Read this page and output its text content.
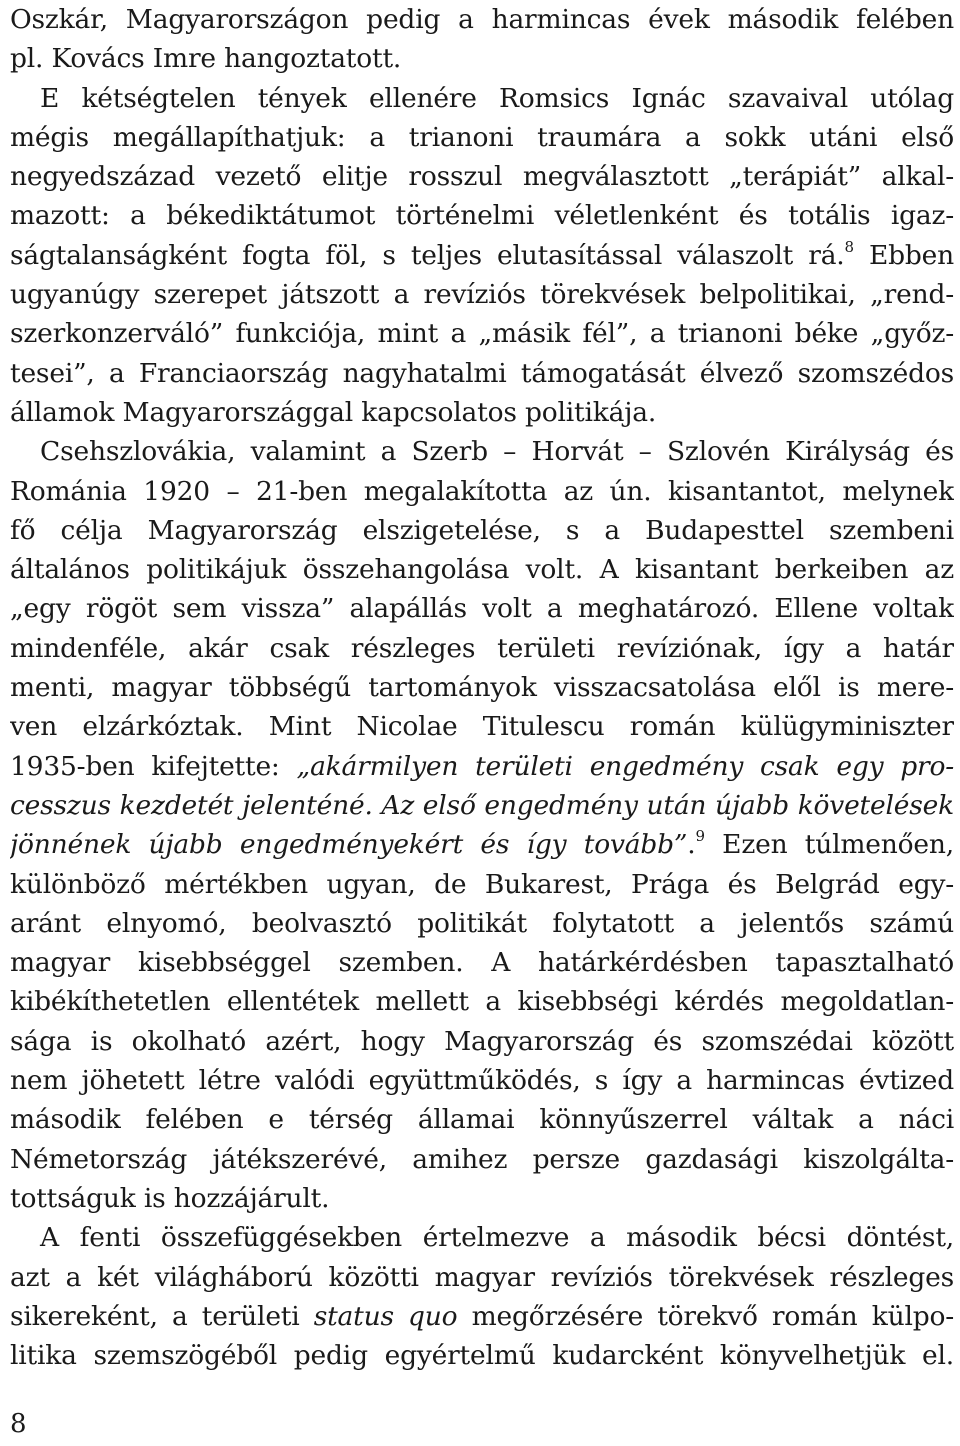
Oszkár, Magyarországon pedig a harmincas évek második felében
pl. Kovács Imre hangoztatott.
E kétségtelen tények ellenére Romsics Ignác szavaival utólag
mégis megállapíthatjuk: a trianoni traumára a sokk utáni első
negyedszázad vezető elitje rosszul megválasztott „terápiát” alkal-
mazott: a békediktátumot történelmi véletlenként és totális igaz-
ságtalanságként fogta föl, s teljes elutasítással válaszolt rá.$^8$ Ebben
ugyanúgy szerepet játszott a revíziós törekvések belpolitikai, „rend-
szerkonzerváló” funkciója, mint a „másik fél”, a trianoni béke „győz-
tesei”, a Franciaország nagyhatalmi támogatását élvező szomszédos
államok Magyarországgal kapcsolatos politikája.
Csehszlovákia, valamint a Szerb – Horvát – Szlovén Királyság és
Románia 1920 – 21-ben megalakította az ún. kisantantot, melynek
fő célja Magyarország elszigetelése, s a Budapesttel szembeni
általános politikájuk összehangolása volt. A kisantant berkeiben az
„egy rögöt sem vissza” alapállás volt a meghatározó. Ellene voltak
mindenféle, akár csak részleges területi revíziónak, így a határ
menti, magyar többségű tartományok visszacsatolása elől is mere-
ven elzárkóztak. Mint Nicolae Titulescu román külügyminiszter
1935-ben kifejtette: „akármilyen területi engedmény csak egy pro-
cesszus kezdetét jelenténé. Az első engedmény után újabb követelések
jönnének újabb engedményekért és így tovább”.$^9$ Ezen túlmenően,
különböző mértékben ugyan, de Bukarest, Prága és Belgrád egy-
aránt elnyomó, beolvasztó politikát folytatott a jelentős számú
magyar kisebbséggel szemben. A határkérdésben tapasztalható
kibékíthetetlen ellentétek mellett a kisebbségi kérdés megoldatlan-
sága is okolható azért, hogy Magyarország és szomszédai között
nem jöhetett létre valódi együttműködés, s így a harmincas évtized
második felében e térség államai könnyűszerrel váltak a náci
Németország játékszerévé, amihez persze gazdasági kiszolgálta-
tottságuk is hozzájárult.
A fenti összefüggésekben értelmezve a második bécsi döntést,
azt a két világháború közötti magyar revíziós törekvések részleges
sikereként, a területi status quo megőrzésére törekvő román külpo-
litika szemszögéből pedig egyértelmű kudarcként könyvelhetjük el.
8
